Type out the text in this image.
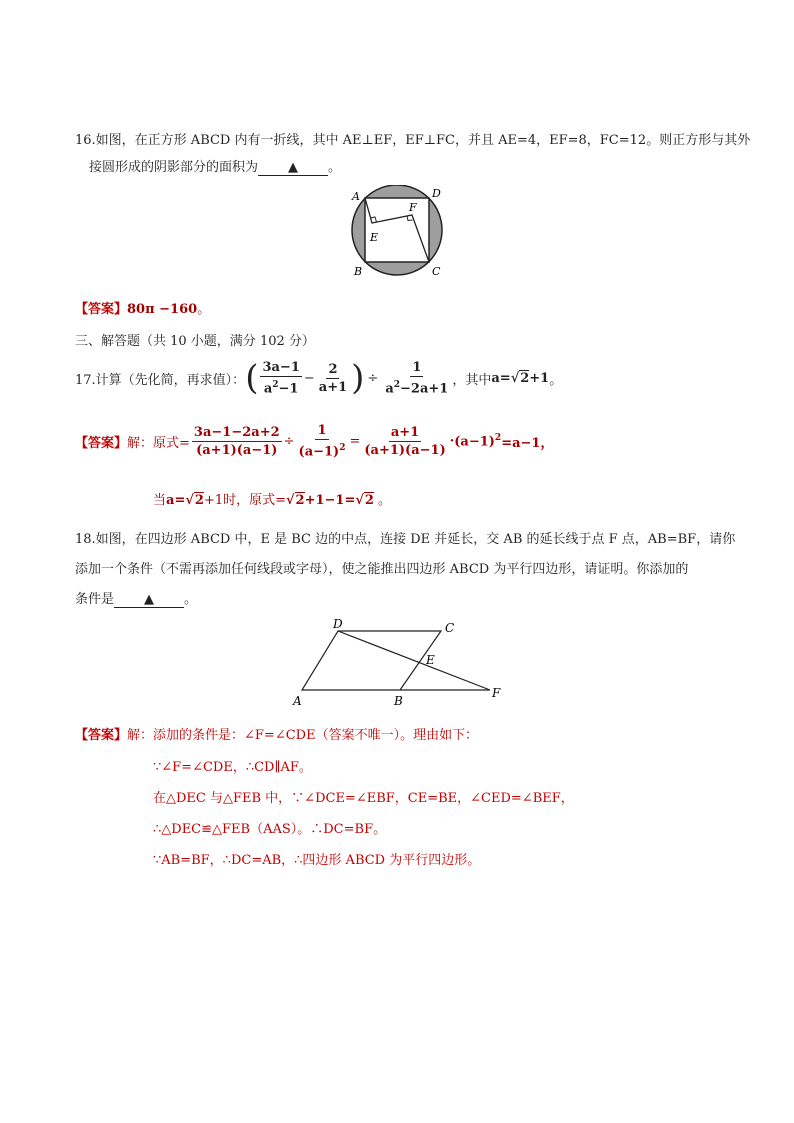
16.如图，在正方形 ABCD 内有一折线，其中 AE⊥EF，EF⊥FC，并且 AE=4，EF=8，FC=12。则正方形与其外
接圆形成的阴影部分的面积为 ▲ 。
A	D
F
E
B	C
【答案】80π −160。
三、解答题（共 10 小题，满分 102 分）
17.计算（先化简，再求值）： ( $\frac{3a-1}{a^2-1} - \frac{2}{a+1}$ ) ÷ $\frac{1}{a^2-2a+1}$ ，其中 a= √ 2 +1 。
【答案】 解：原式= $\frac{3a-1-2a+2}{(a+1)(a-1)} \div \frac{1}{(a-1)^2} = \frac{a+1}{(a+1)(a-1)} \cdot (a-1)^2 =a-1$，
当a=√2+1时，原式=√2+1−1=√2 。
18.如图，在四边形 ABCD 中，E 是 BC 边的中点，连接 DE 并延长，交 AB 的延长线于点 F 点，AB=BF，请你
添加一个条件（不需再添加任何线段或字母），使之能推出四边形 ABCD 为平行四边形，请证明。你添加的
条件是 ▲ 。
D	C
E
A	B
F
【答案】解：添加的条件是：∠F=∠CDE（答案不唯一）。理由如下：
∵∠F=∠CDE，∴CD∥AF。
在△DEC 与△FEB 中，∵∠DCE=∠EBF，CE=BE，∠CED=∠BEF，
∴△DEC≌△FEB（AAS）。∴DC=BF。
∵AB=BF，∴DC=AB，∴四边形 ABCD 为平行四边形。
